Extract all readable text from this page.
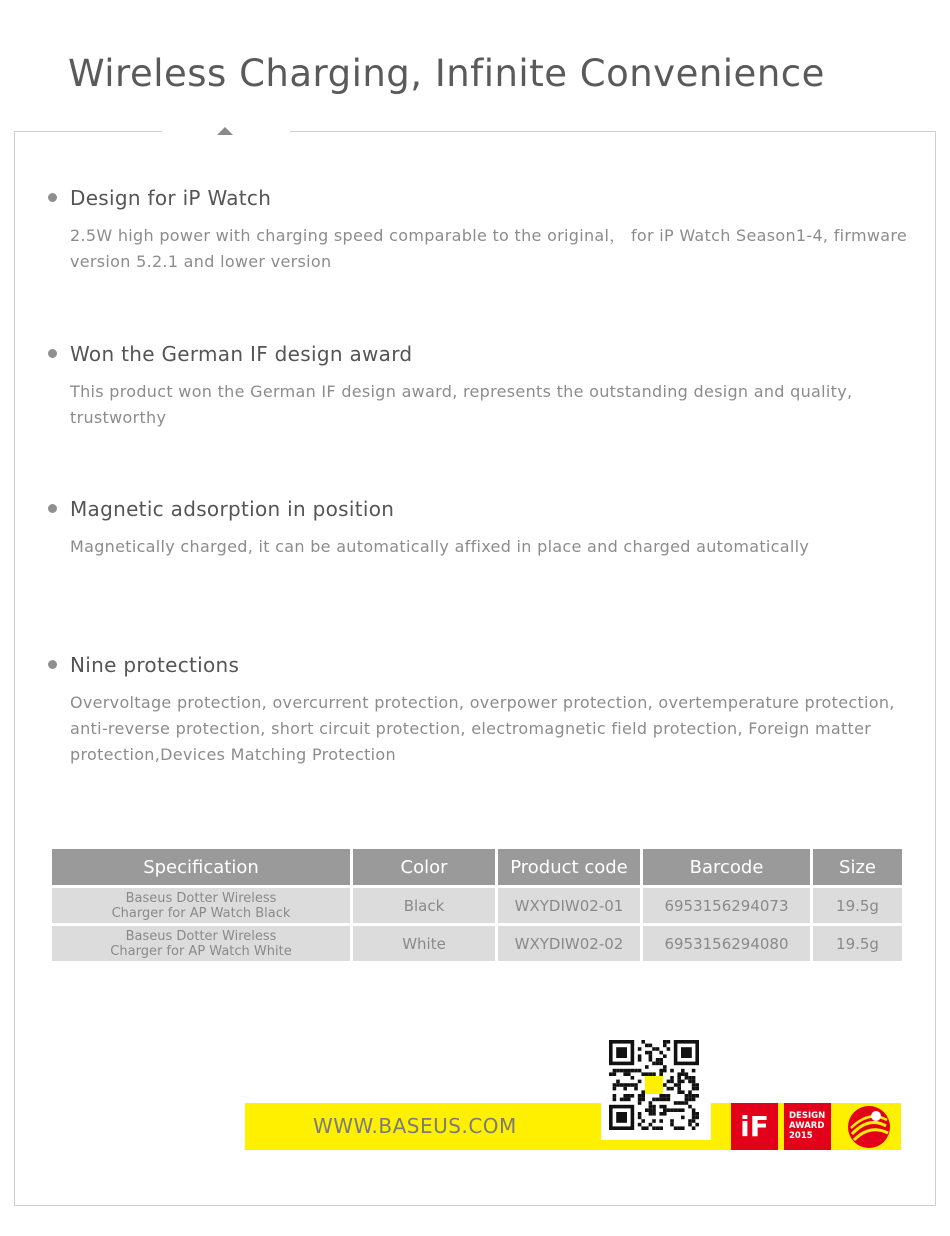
Wireless Charging, Infinite Convenience
Design for iP Watch
2.5W high power with charging speed comparable to the original， for iP Watch Season1-4, firmware version 5.2.1 and lower version
Won the German IF design award
This product won the German IF design award, represents the outstanding design and quality, trustworthy
Magnetic adsorption in position
Magnetically charged, it can be automatically affixed in place and charged automatically
Nine protections
Overvoltage protection, overcurrent protection, overpower protection, overtemperature protection, anti-reverse protection, short circuit protection, electromagnetic field protection, Foreign matter protection,Devices Matching Protection
Specification	Color	Product code	Barcode	Size
Baseus Dotter Wireless
Charger for AP Watch Black	Black	WXYDIW02-01	6953156294073	19.5g
Baseus Dotter Wireless
Charger for AP Watch White	White	WXYDIW02-02	6953156294080	19.5g
WWW.BASEUS.COM	iF	DESIGN
AWARD
2015
